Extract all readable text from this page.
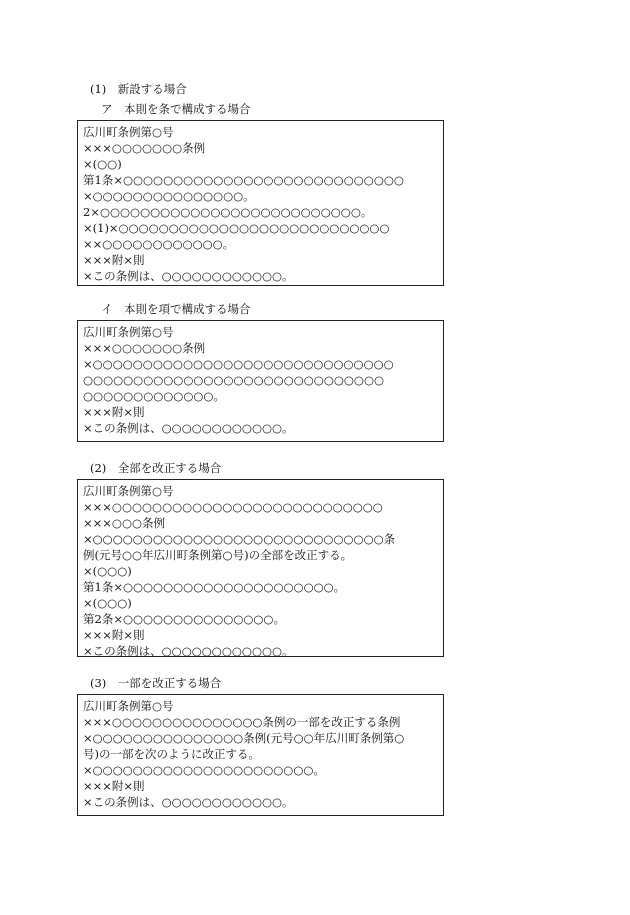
(1)　新設する場合
ア　本則を条で構成する場合
広川町条例第○号
×××○○○○○○○条例
×(○○)
第1条×○○○○○○○○○○○○○○○○○○○○○○○○○○○○
×○○○○○○○○○○○○○○○。
2×○○○○○○○○○○○○○○○○○○○○○○○○○○。
×(1)×○○○○○○○○○○○○○○○○○○○○○○○○○○○
××○○○○○○○○○○○○。
×××附×則
×この条例は、○○○○○○○○○○○○。
イ　本則を項で構成する場合
広川町条例第○号
×××○○○○○○○条例
×○○○○○○○○○○○○○○○○○○○○○○○○○○○○○○
○○○○○○○○○○○○○○○○○○○○○○○○○○○○○○
○○○○○○○○○○○○○。
×××附×則
×この条例は、○○○○○○○○○○○○。
(2)　全部を改正する場合
広川町条例第○号
×××○○○○○○○○○○○○○○○○○○○○○○○○○○○
×××○○○条例
×○○○○○○○○○○○○○○○○○○○○○○○○○○○○○条
例(元号○○年広川町条例第○号)の全部を改正する。
×(○○○)
第1条×○○○○○○○○○○○○○○○○○○○○○。
×(○○○)
第2条×○○○○○○○○○○○○○○○。
×××附×則
×この条例は、○○○○○○○○○○○○。
(3)　一部を改正する場合
広川町条例第○号
×××○○○○○○○○○○○○○○○条例の一部を改正する条例
×○○○○○○○○○○○○○○○条例(元号○○年広川町条例第○
号)の一部を次のように改正する。
×○○○○○○○○○○○○○○○○○○○○○○。
×××附×則
×この条例は、○○○○○○○○○○○○。
